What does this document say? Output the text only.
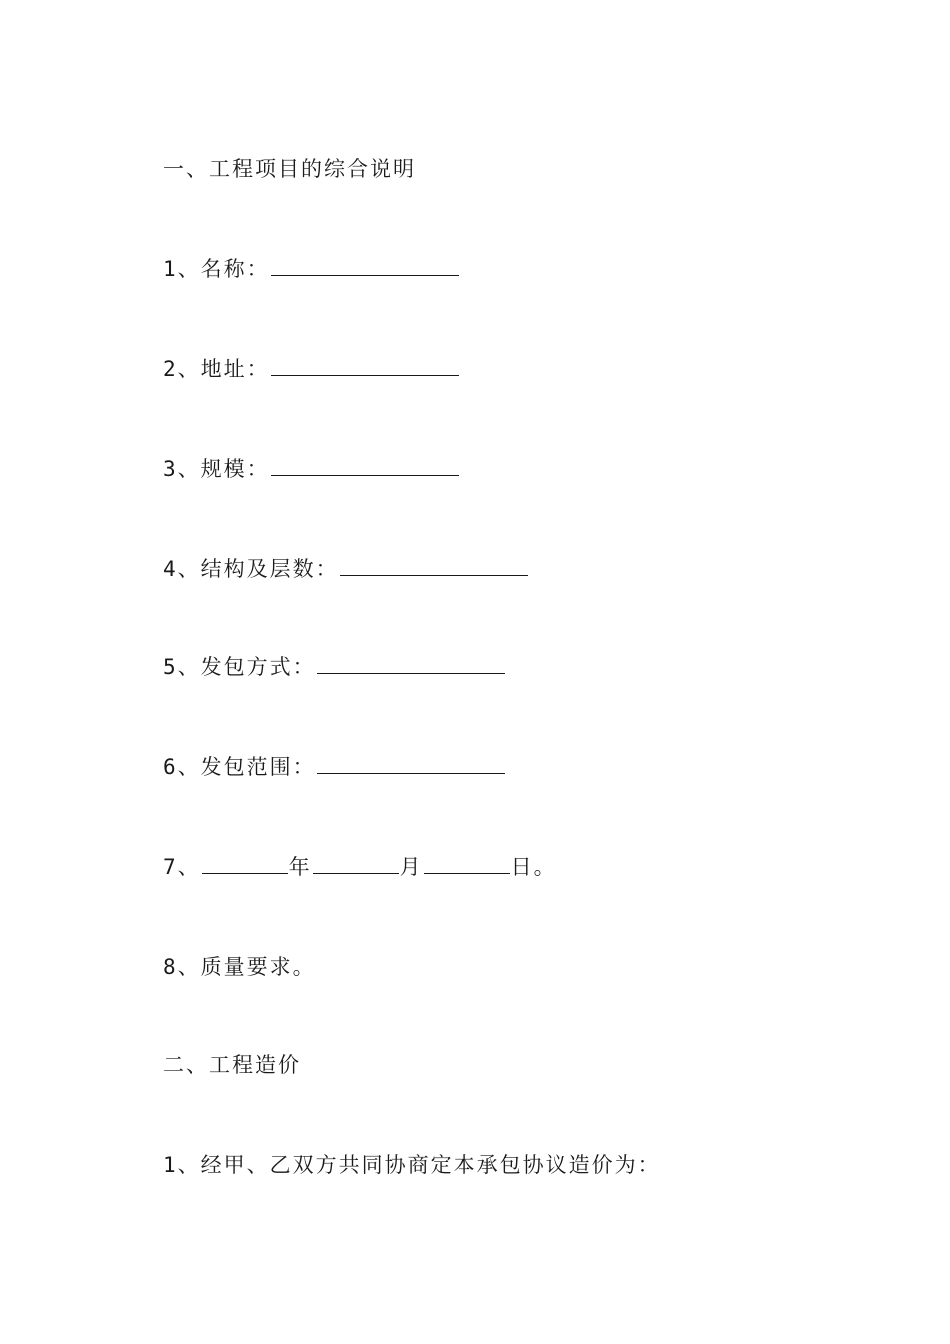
一、工程项目的综合说明
1、名称：
2、地址：
3、规模：
4、结构及层数：
5、发包方式：
6、发包范围：
7、	年	月	日。
8、质量要求。
二、工程造价
1、经甲、乙双方共同协商定本承包协议造价为：
